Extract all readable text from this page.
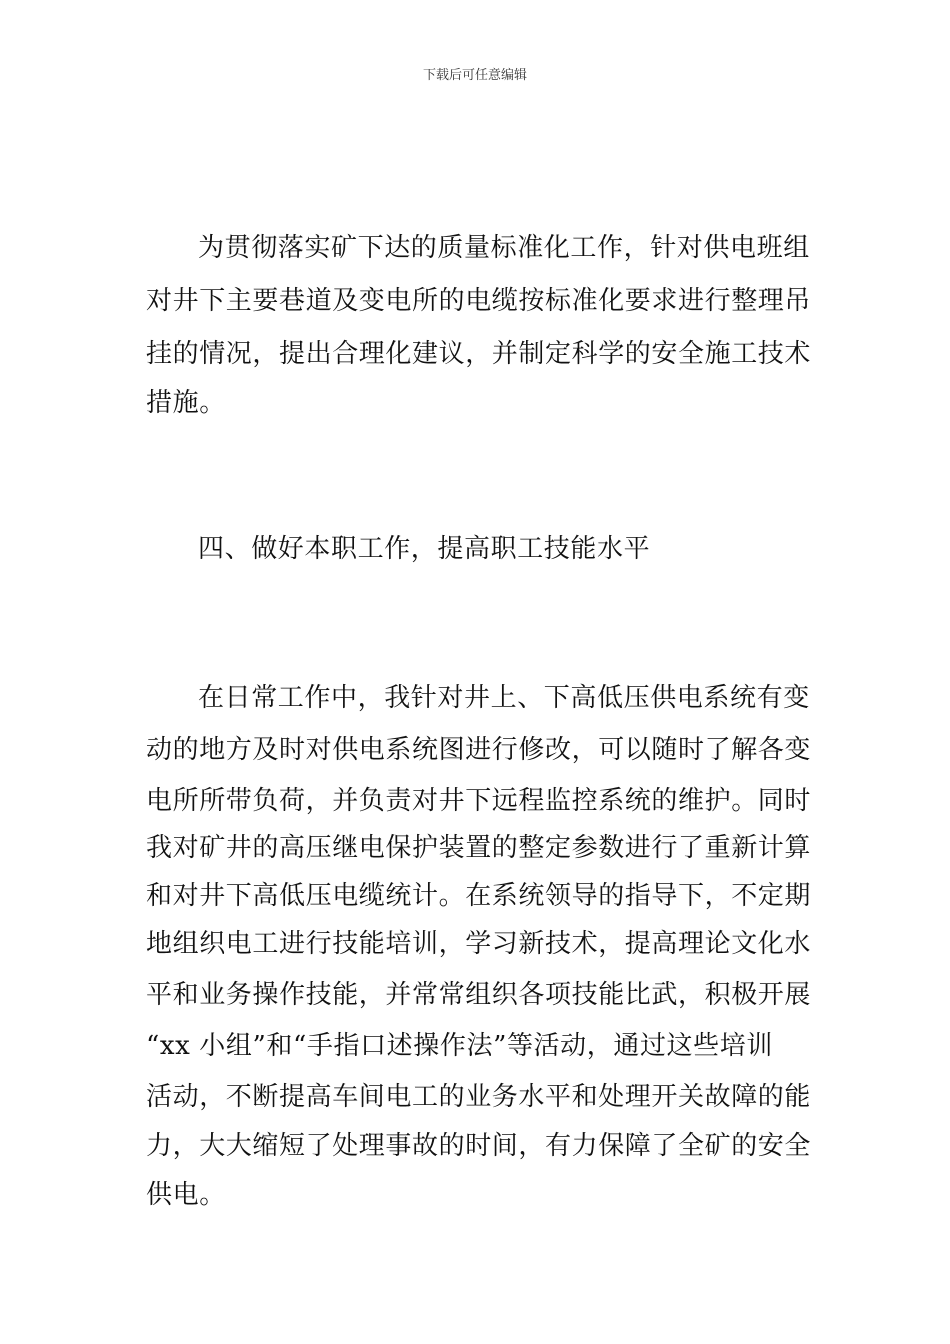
下载后可任意编辑
为贯彻落实矿下达的质量标准化工作，针对供电班组
对井下主要巷道及变电所的电缆按标准化要求进行整理吊
挂的情况，提出合理化建议，并制定科学的安全施工技术
措施。
四、做好本职工作，提高职工技能水平
在日常工作中，我针对井上、下高低压供电系统有变
动的地方及时对供电系统图进行修改，可以随时了解各变
电所所带负荷，并负责对井下远程监控系统的维护。同时
我对矿井的高压继电保护装置的整定参数进行了重新计算
和对井下高低压电缆统计。在系统领导的指导下，不定期
地组织电工进行技能培训，学习新技术，提高理论文化水
平和业务操作技能，并常常组织各项技能比武，积极开展
“xx 小组”和“手指口述操作法”等活动，通过这些培训
活动，不断提高车间电工的业务水平和处理开关故障的能
力，大大缩短了处理事故的时间，有力保障了全矿的安全
供电。
